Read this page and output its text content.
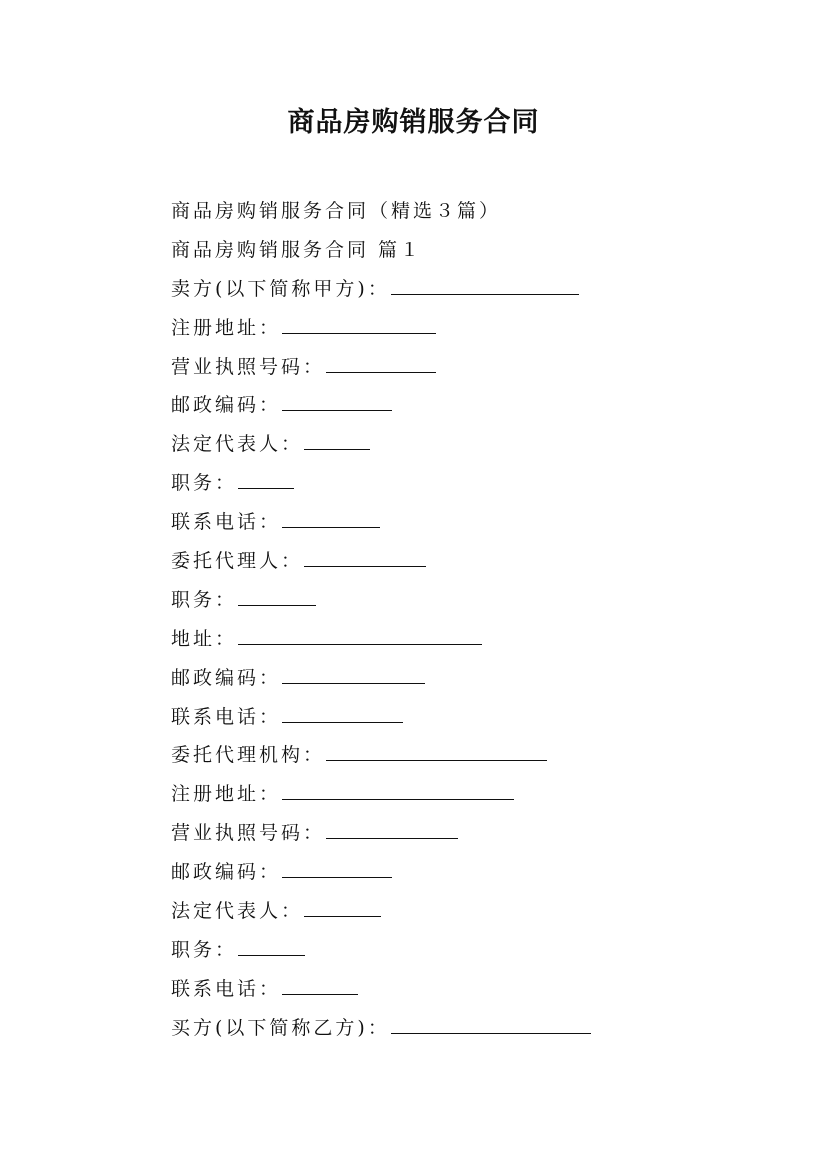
商品房购销服务合同
商品房购销服务合同（精选３篇）
商品房购销服务合同 篇１
卖方(以下简称甲方)：
注册地址：
营业执照号码：
邮政编码：
法定代表人：
职务：
联系电话：
委托代理人：
职务：
地址：
邮政编码：
联系电话：
委托代理机构：
注册地址：
营业执照号码：
邮政编码：
法定代表人：
职务：
联系电话：
买方(以下简称乙方)：
